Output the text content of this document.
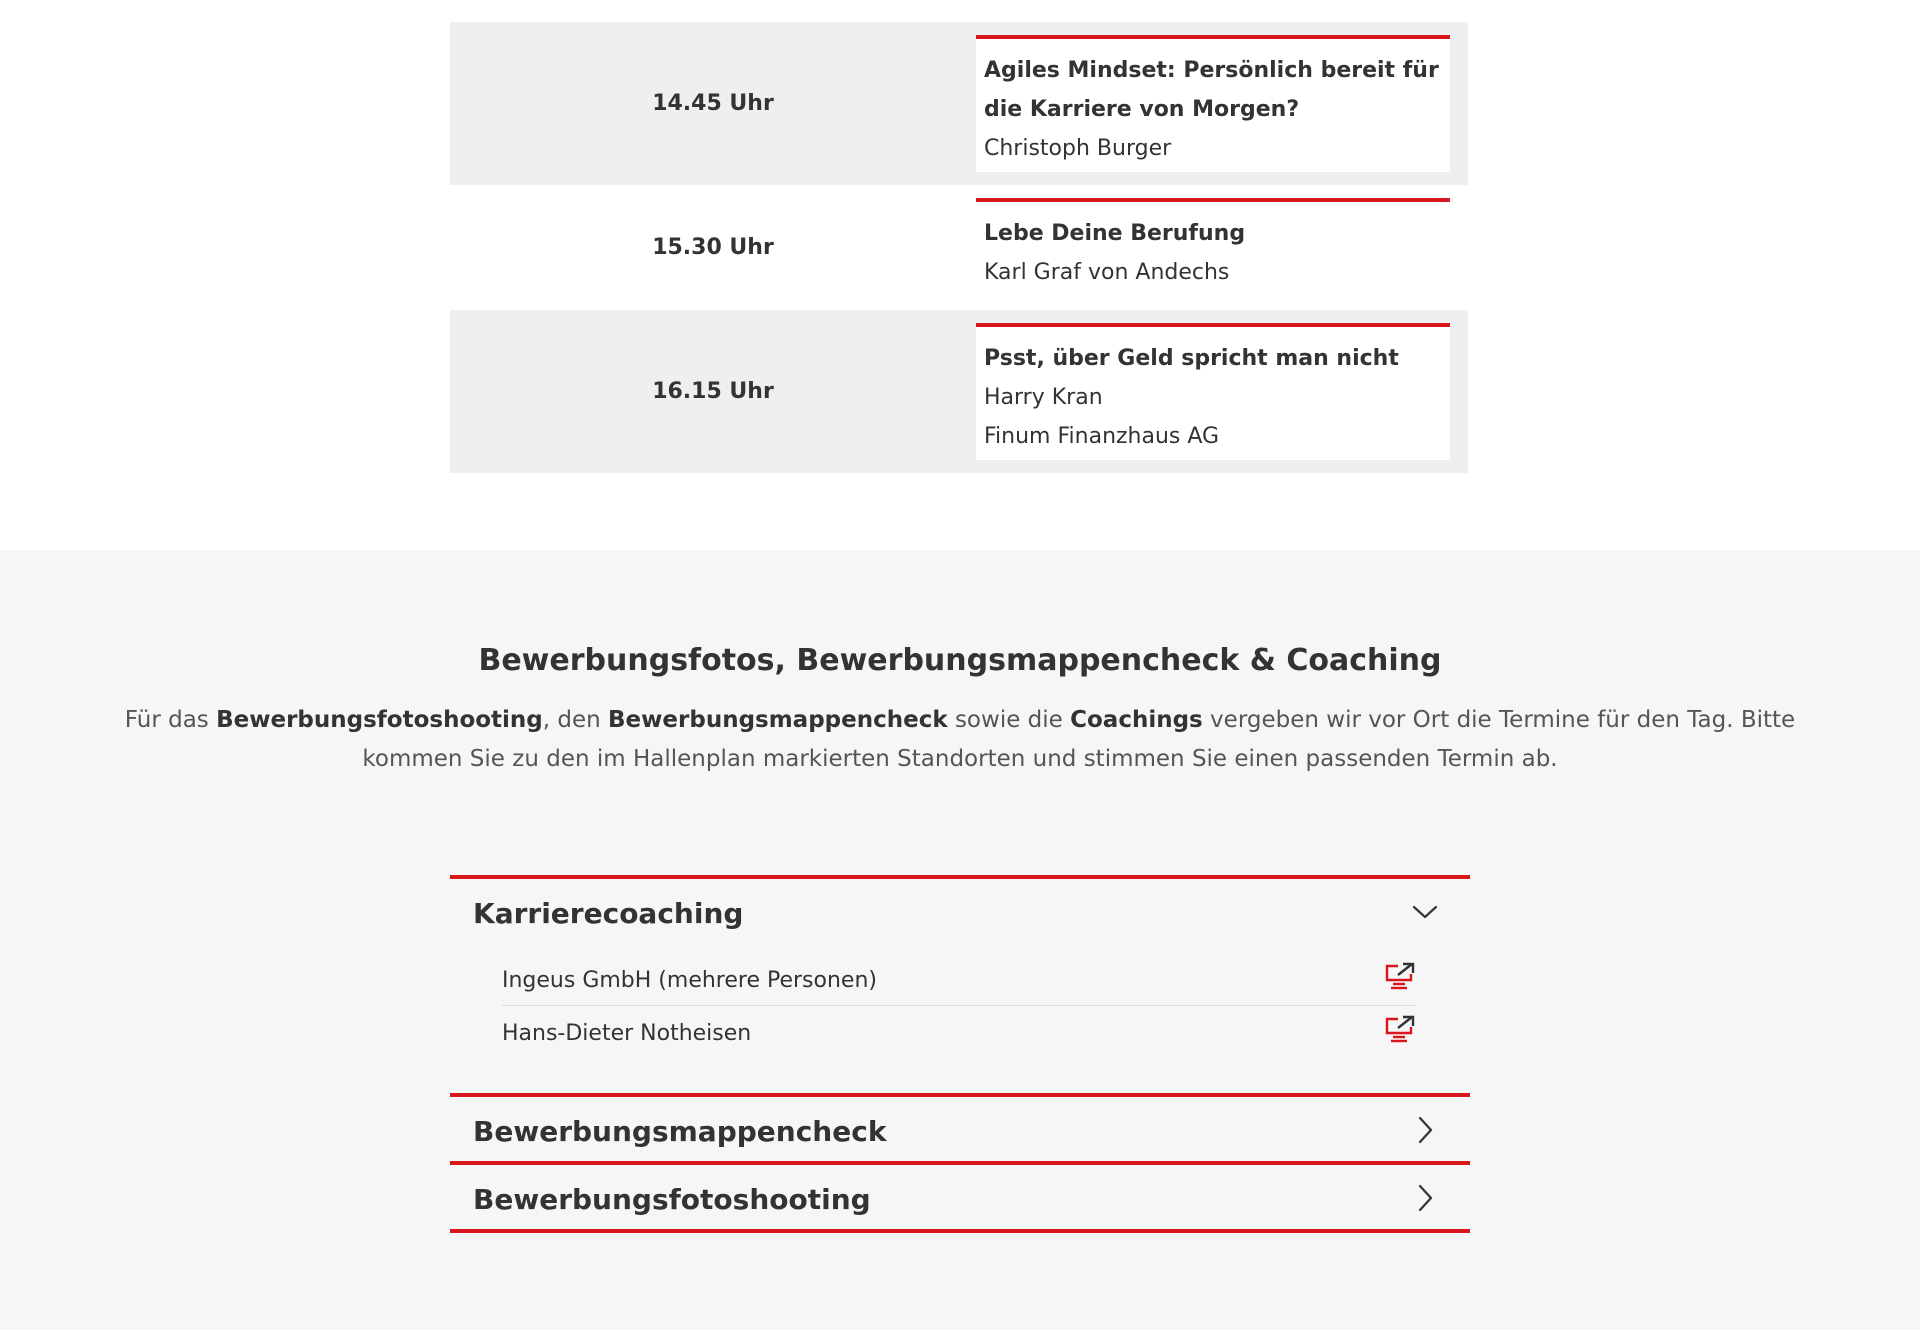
14.45 Uhr
Agiles Mindset: Persönlich bereit für
die Karriere von Morgen?
Christoph Burger
15.30 Uhr
Lebe Deine Berufung
Karl Graf von Andechs
16.15 Uhr
Psst, über Geld spricht man nicht
Harry Kran
Finum Finanzhaus AG
Bewerbungsfotos, Bewerbungsmappencheck & Coaching
Für das Bewerbungsfotoshooting, den Bewerbungsmappencheck sowie die Coachings vergeben wir vor Ort die Termine für den Tag. Bitte kommen Sie zu den im Hallenplan markierten Standorten und stimmen Sie einen passenden Termin ab.
Karrierecoaching
Ingeus GmbH (mehrere Personen)
Hans-Dieter Notheisen
Bewerbungsmappencheck
Bewerbungsfotoshooting
